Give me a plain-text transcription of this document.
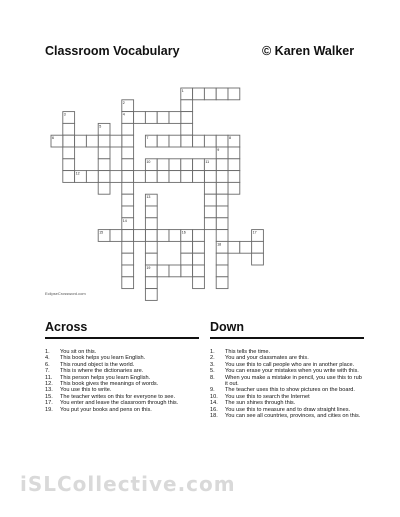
Classroom Vocabulary	© Karen Walker
1
2
3	4
5
6	7	8
9
10	11
12
13
14
15	16	17
18
19
EclipseCrossword.com
Across
1. You sit on this.
4. This book helps you learn English.
6. This round object is the world.
7. This is where the dictionaries are.
11. This person helps you learn English.
12. This book gives the meanings of words.
13. You use this to write.
15. The teacher writes on this for everyone to see.
17. You enter and leave the classroom through this.
19. You put your books and pens on this.
Down
1. This tells the time.
2. You and your classmates are this.
3. You use this to call people who are in another place.
5. You can erase your mistakes when you write with this.
8. When you make a mistake in pencil, you use this to rub it out.
9. The teacher uses this to show pictures on the board.
10. You use this to search the Internet
14. The sun shines through this.
16. You use this to measure and to draw straight lines.
18. You can see all countries, provinces, and cities on this.
iSLCollective.com
